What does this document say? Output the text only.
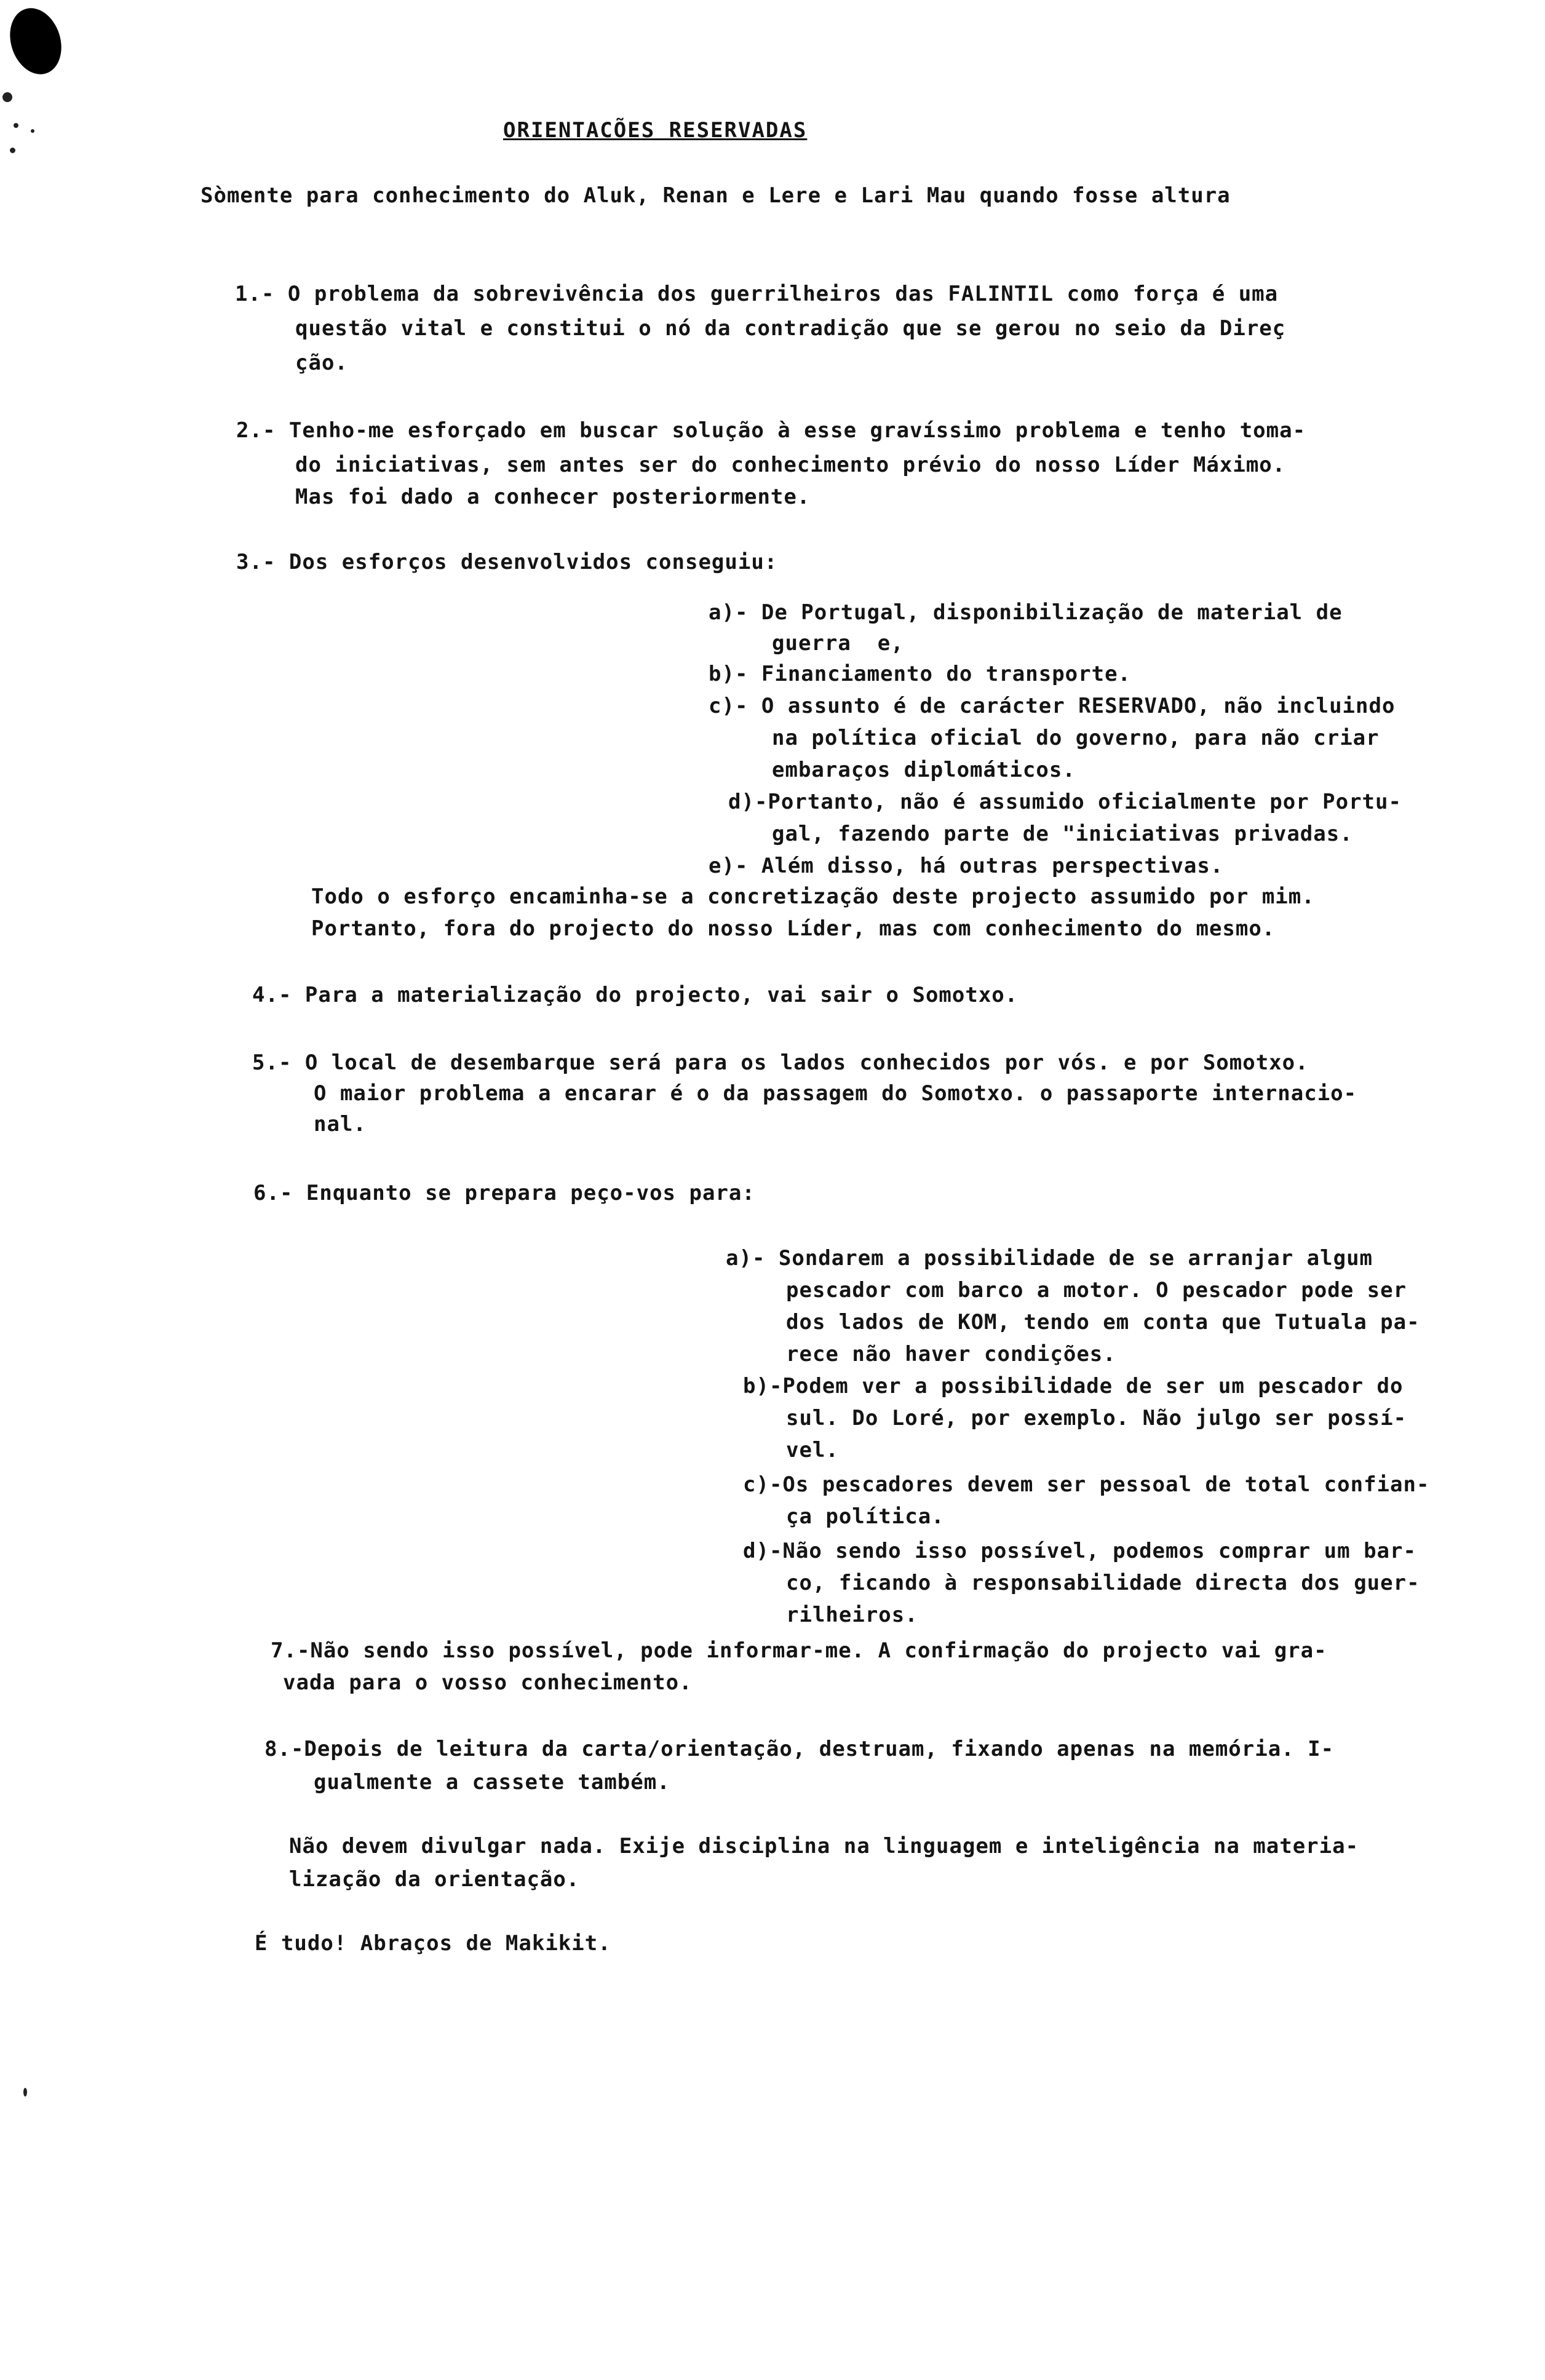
ORIENTACÕES RESERVADAS
Sòmente para conhecimento do Aluk, Renan e Lere e Lari Mau quando fosse altura
1.- O problema da sobrevivência dos guerrilheiros das FALINTIL como força é uma
questão vital e constitui o nó da contradição que se gerou no seio da Direç
ção.
2.- Tenho-me esforçado em buscar solução à esse gravíssimo problema e tenho toma-
do iniciativas, sem antes ser do conhecimento prévio do nosso Líder Máximo.
Mas foi dado a conhecer posteriormente.
3.- Dos esforços desenvolvidos conseguiu:
a)- De Portugal, disponibilização de material de
guerra  e,
b)- Financiamento do transporte.
c)- O assunto é de carácter RESERVADO, não incluindo
na política oficial do governo, para não criar
embaraços diplomáticos.
d)-Portanto, não é assumido oficialmente por Portu-
gal, fazendo parte de "iniciativas privadas.
e)- Além disso, há outras perspectivas.
Todo o esforço encaminha-se a concretização deste projecto assumido por mim.
Portanto, fora do projecto do nosso Líder, mas com conhecimento do mesmo.
4.- Para a materialização do projecto, vai sair o Somotxo.
5.- O local de desembarque será para os lados conhecidos por vós. e por Somotxo.
O maior problema a encarar é o da passagem do Somotxo. o passaporte internacio-
nal.
6.- Enquanto se prepara peço-vos para:
a)- Sondarem a possibilidade de se arranjar algum
pescador com barco a motor. O pescador pode ser
dos lados de KOM, tendo em conta que Tutuala pa-
rece não haver condições.
b)-Podem ver a possibilidade de ser um pescador do
sul. Do Loré, por exemplo. Não julgo ser possí-
vel.
c)-Os pescadores devem ser pessoal de total confian-
ça política.
d)-Não sendo isso possível, podemos comprar um bar-
co, ficando à responsabilidade directa dos guer-
rilheiros.
7.-Não sendo isso possível, pode informar-me. A confirmação do projecto vai gra-
vada para o vosso conhecimento.
8.-Depois de leitura da carta/orientação, destruam, fixando apenas na memória. I-
gualmente a cassete também.
Não devem divulgar nada. Exije disciplina na linguagem e inteligência na materia-
lização da orientação.
É tudo! Abraços de Makikit.
